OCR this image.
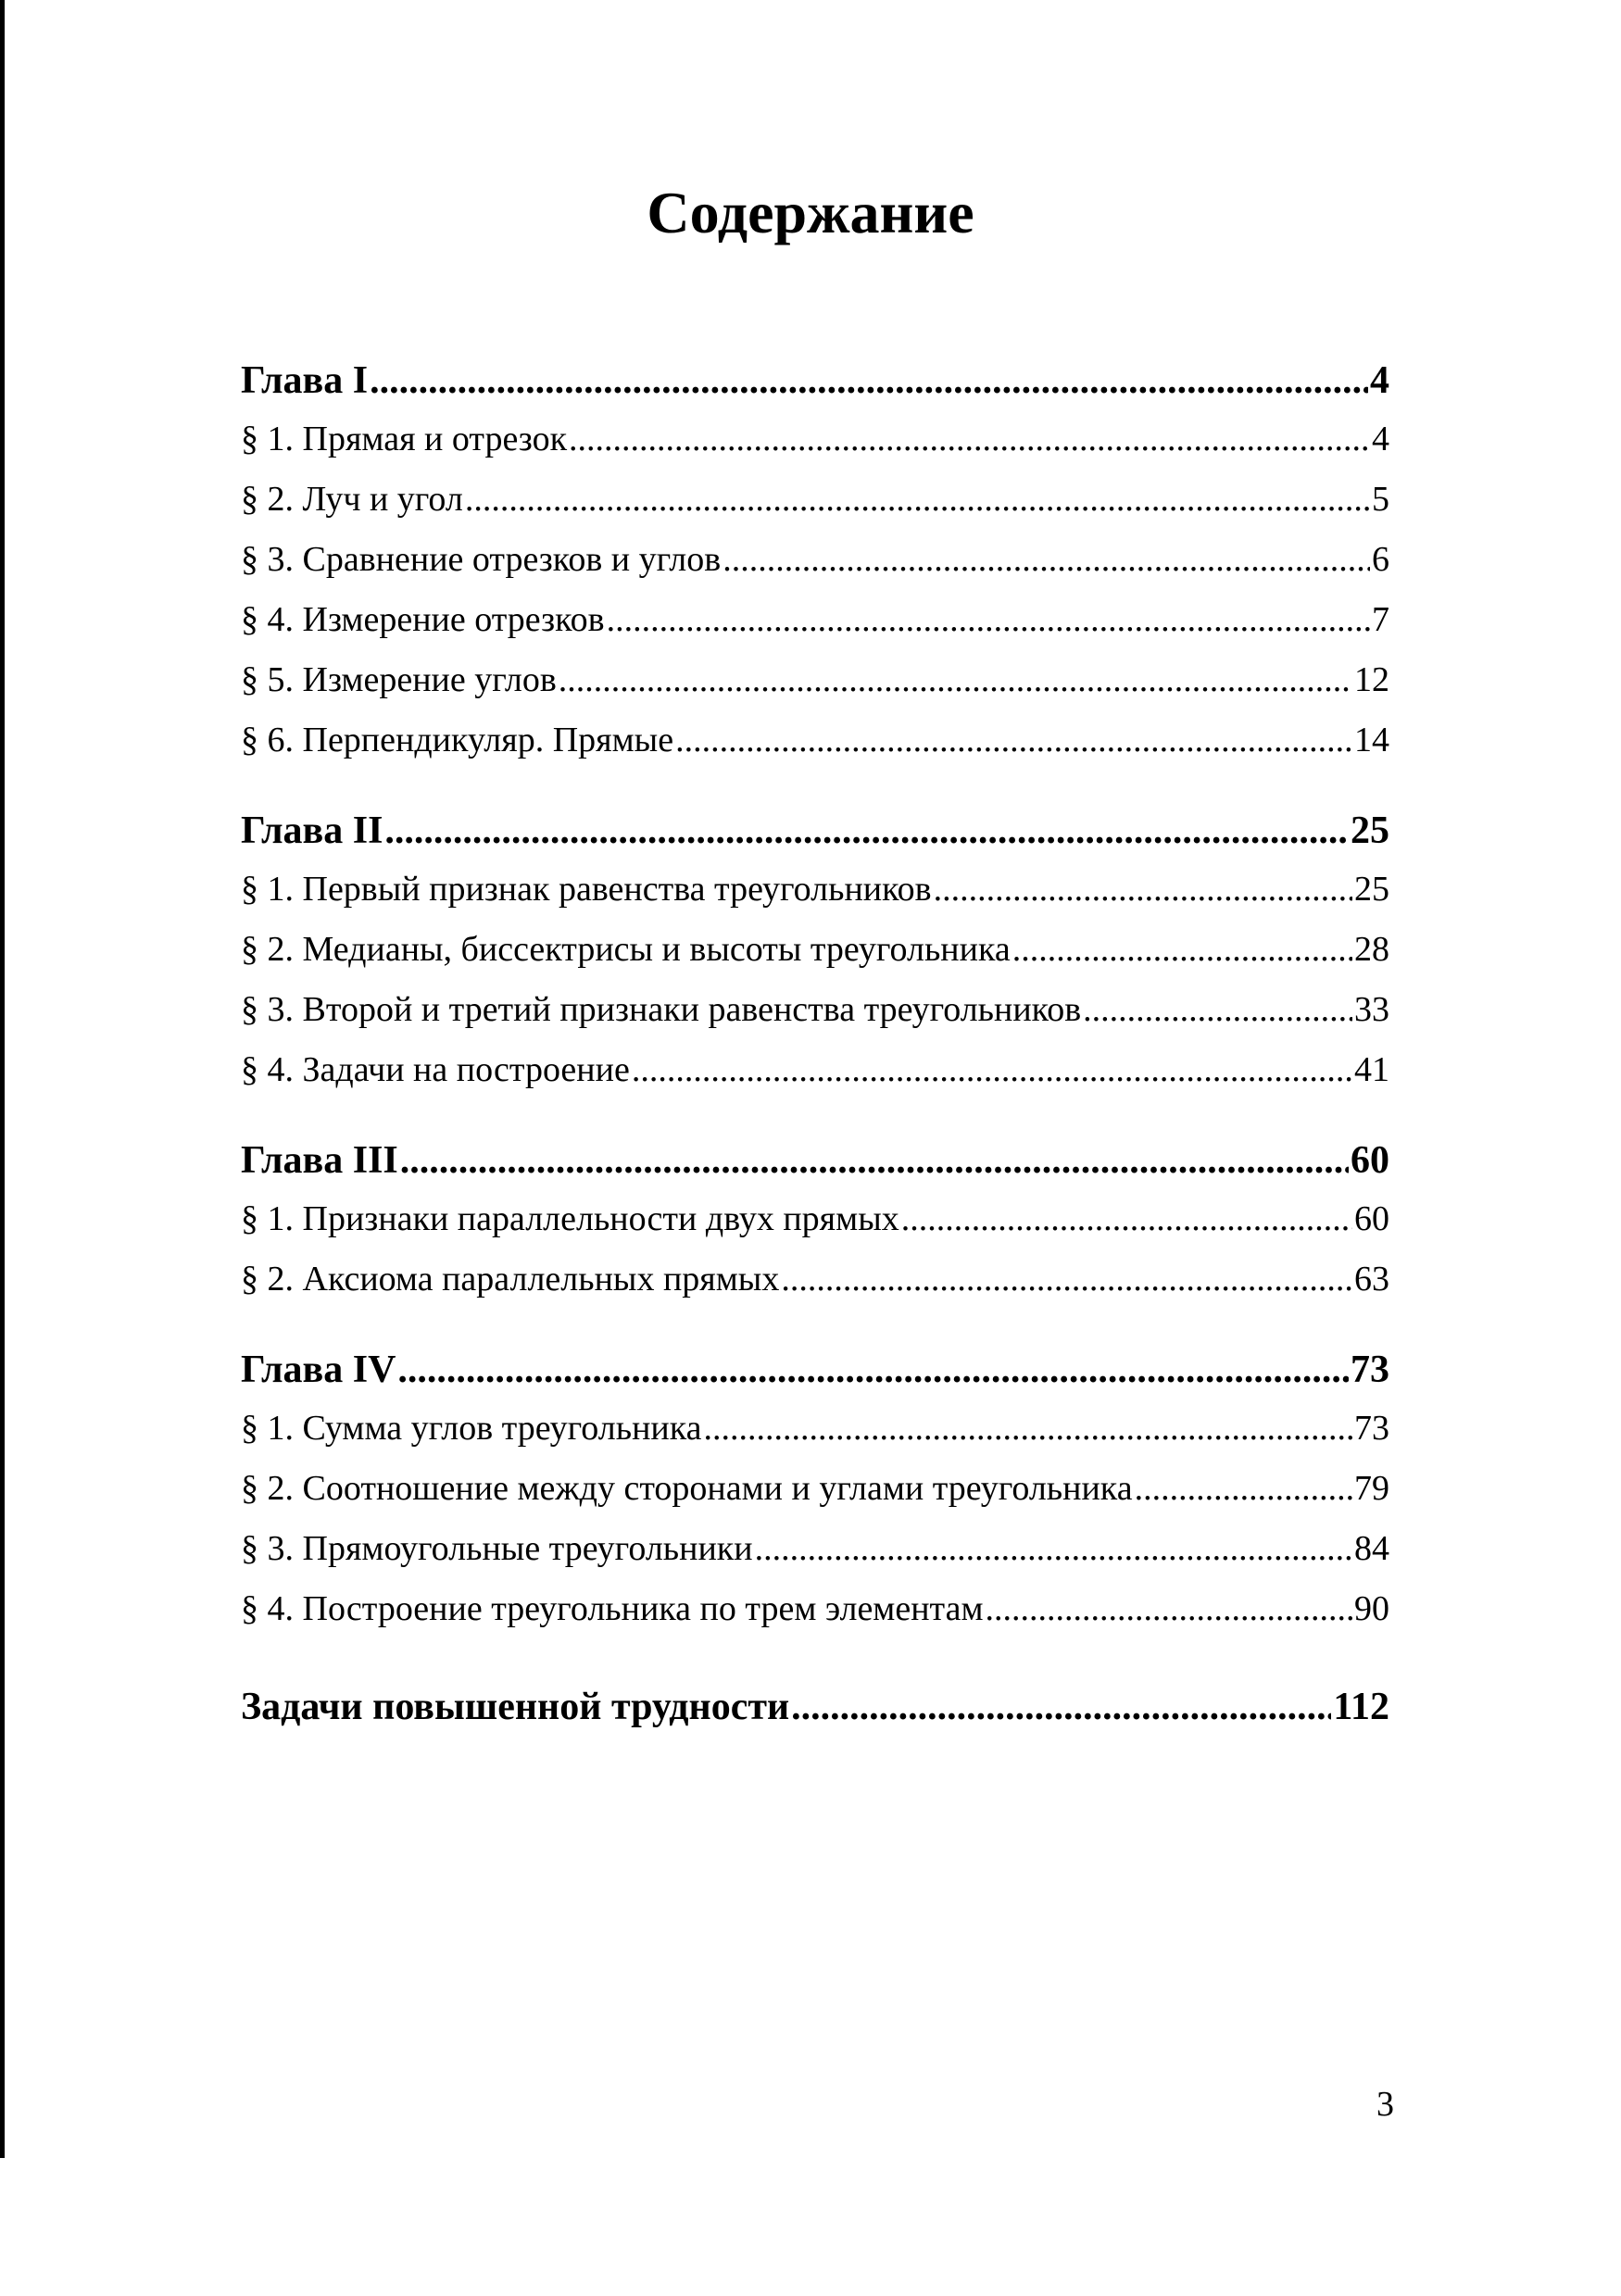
Содержание
Глава I .....	4
§ 1. Прямая и отрезок .....	4
§ 2. Луч и угол .....	5
§ 3. Сравнение отрезков и углов .....	6
§ 4. Измерение отрезков .....	7
§ 5. Измерение углов .....	12
§ 6. Перпендикуляр. Прямые .....	14
Глава II .....	25
§ 1. Первый признак равенства треугольников .....	25
§ 2. Медианы, биссектрисы и высоты треугольника .....	28
§ 3. Второй и третий признаки равенства треугольников .....	33
§ 4. Задачи на построение .....	41
Глава III .....	60
§ 1. Признаки параллельности двух прямых .....	60
§ 2. Аксиома параллельных прямых .....	63
Глава IV .....	73
§ 1. Сумма углов треугольника .....	73
§ 2. Соотношение между сторонами и углами треугольника .....	79
§ 3. Прямоугольные треугольники .....	84
§ 4. Построение треугольника по трем элементам .....	90
Задачи повышенной трудности .....	112
3
